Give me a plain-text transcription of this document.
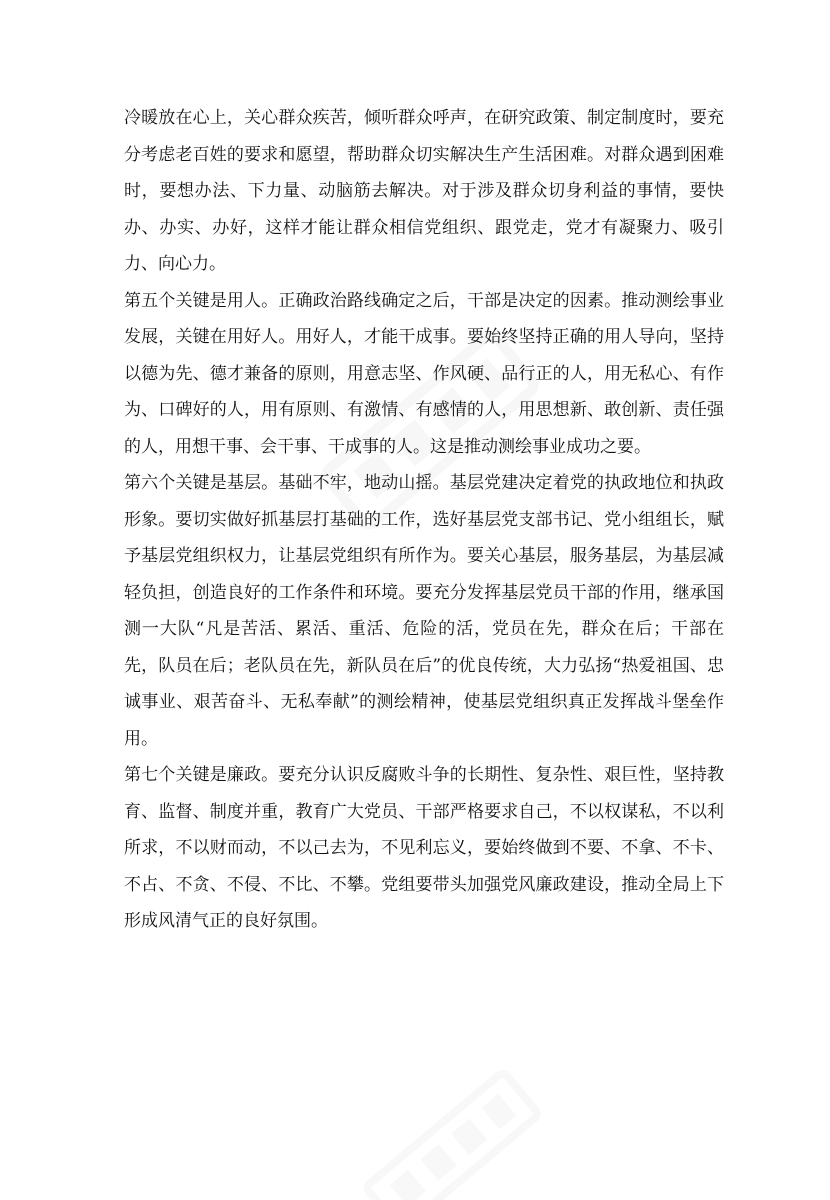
冷暖放在心上，关心群众疾苦，倾听群众呼声，在研究政策、制定制度时，要充分考虑老百姓的要求和愿望，帮助群众切实解决生产生活困难。对群众遇到困难时，要想办法、下力量、动脑筋去解决。对于涉及群众切身利益的事情，要快办、办实、办好，这样才能让群众相信党组织、跟党走，党才有凝聚力、吸引力、向心力。

第五个关键是用人。正确政治路线确定之后，干部是决定的因素。推动测绘事业发展，关键在用好人。用好人，才能干成事。要始终坚持正确的用人导向，坚持以德为先、德才兼备的原则，用意志坚、作风硬、品行正的人，用无私心、有作为、口碑好的人，用有原则、有激情、有感情的人，用思想新、敢创新、责任强的人，用想干事、会干事、干成事的人。这是推动测绘事业成功之要。

第六个关键是基层。基础不牢，地动山摇。基层党建决定着党的执政地位和执政形象。要切实做好抓基层打基础的工作，选好基层党支部书记、党小组组长，赋予基层党组织权力，让基层党组织有所作为。要关心基层，服务基层，为基层减轻负担，创造良好的工作条件和环境。要充分发挥基层党员干部的作用，继承国测一大队“凡是苦活、累活、重活、危险的活，党员在先，群众在后；干部在先，队员在后；老队员在先，新队员在后”的优良传统，大力弘扬“热爱祖国、忠诚事业、艰苦奋斗、无私奉献”的测绘精神，使基层党组织真正发挥战斗堡垒作用。

第七个关键是廉政。要充分认识反腐败斗争的长期性、复杂性、艰巨性，坚持教育、监督、制度并重，教育广大党员、干部严格要求自己，不以权谋私，不以利所求，不以财而动，不以己去为，不见利忘义，要始终做到不要、不拿、不卡、不占、不贪、不侵、不比、不攀。党组要带头加强党风廉政建设，推动全局上下形成风清气正的良好氛围。
